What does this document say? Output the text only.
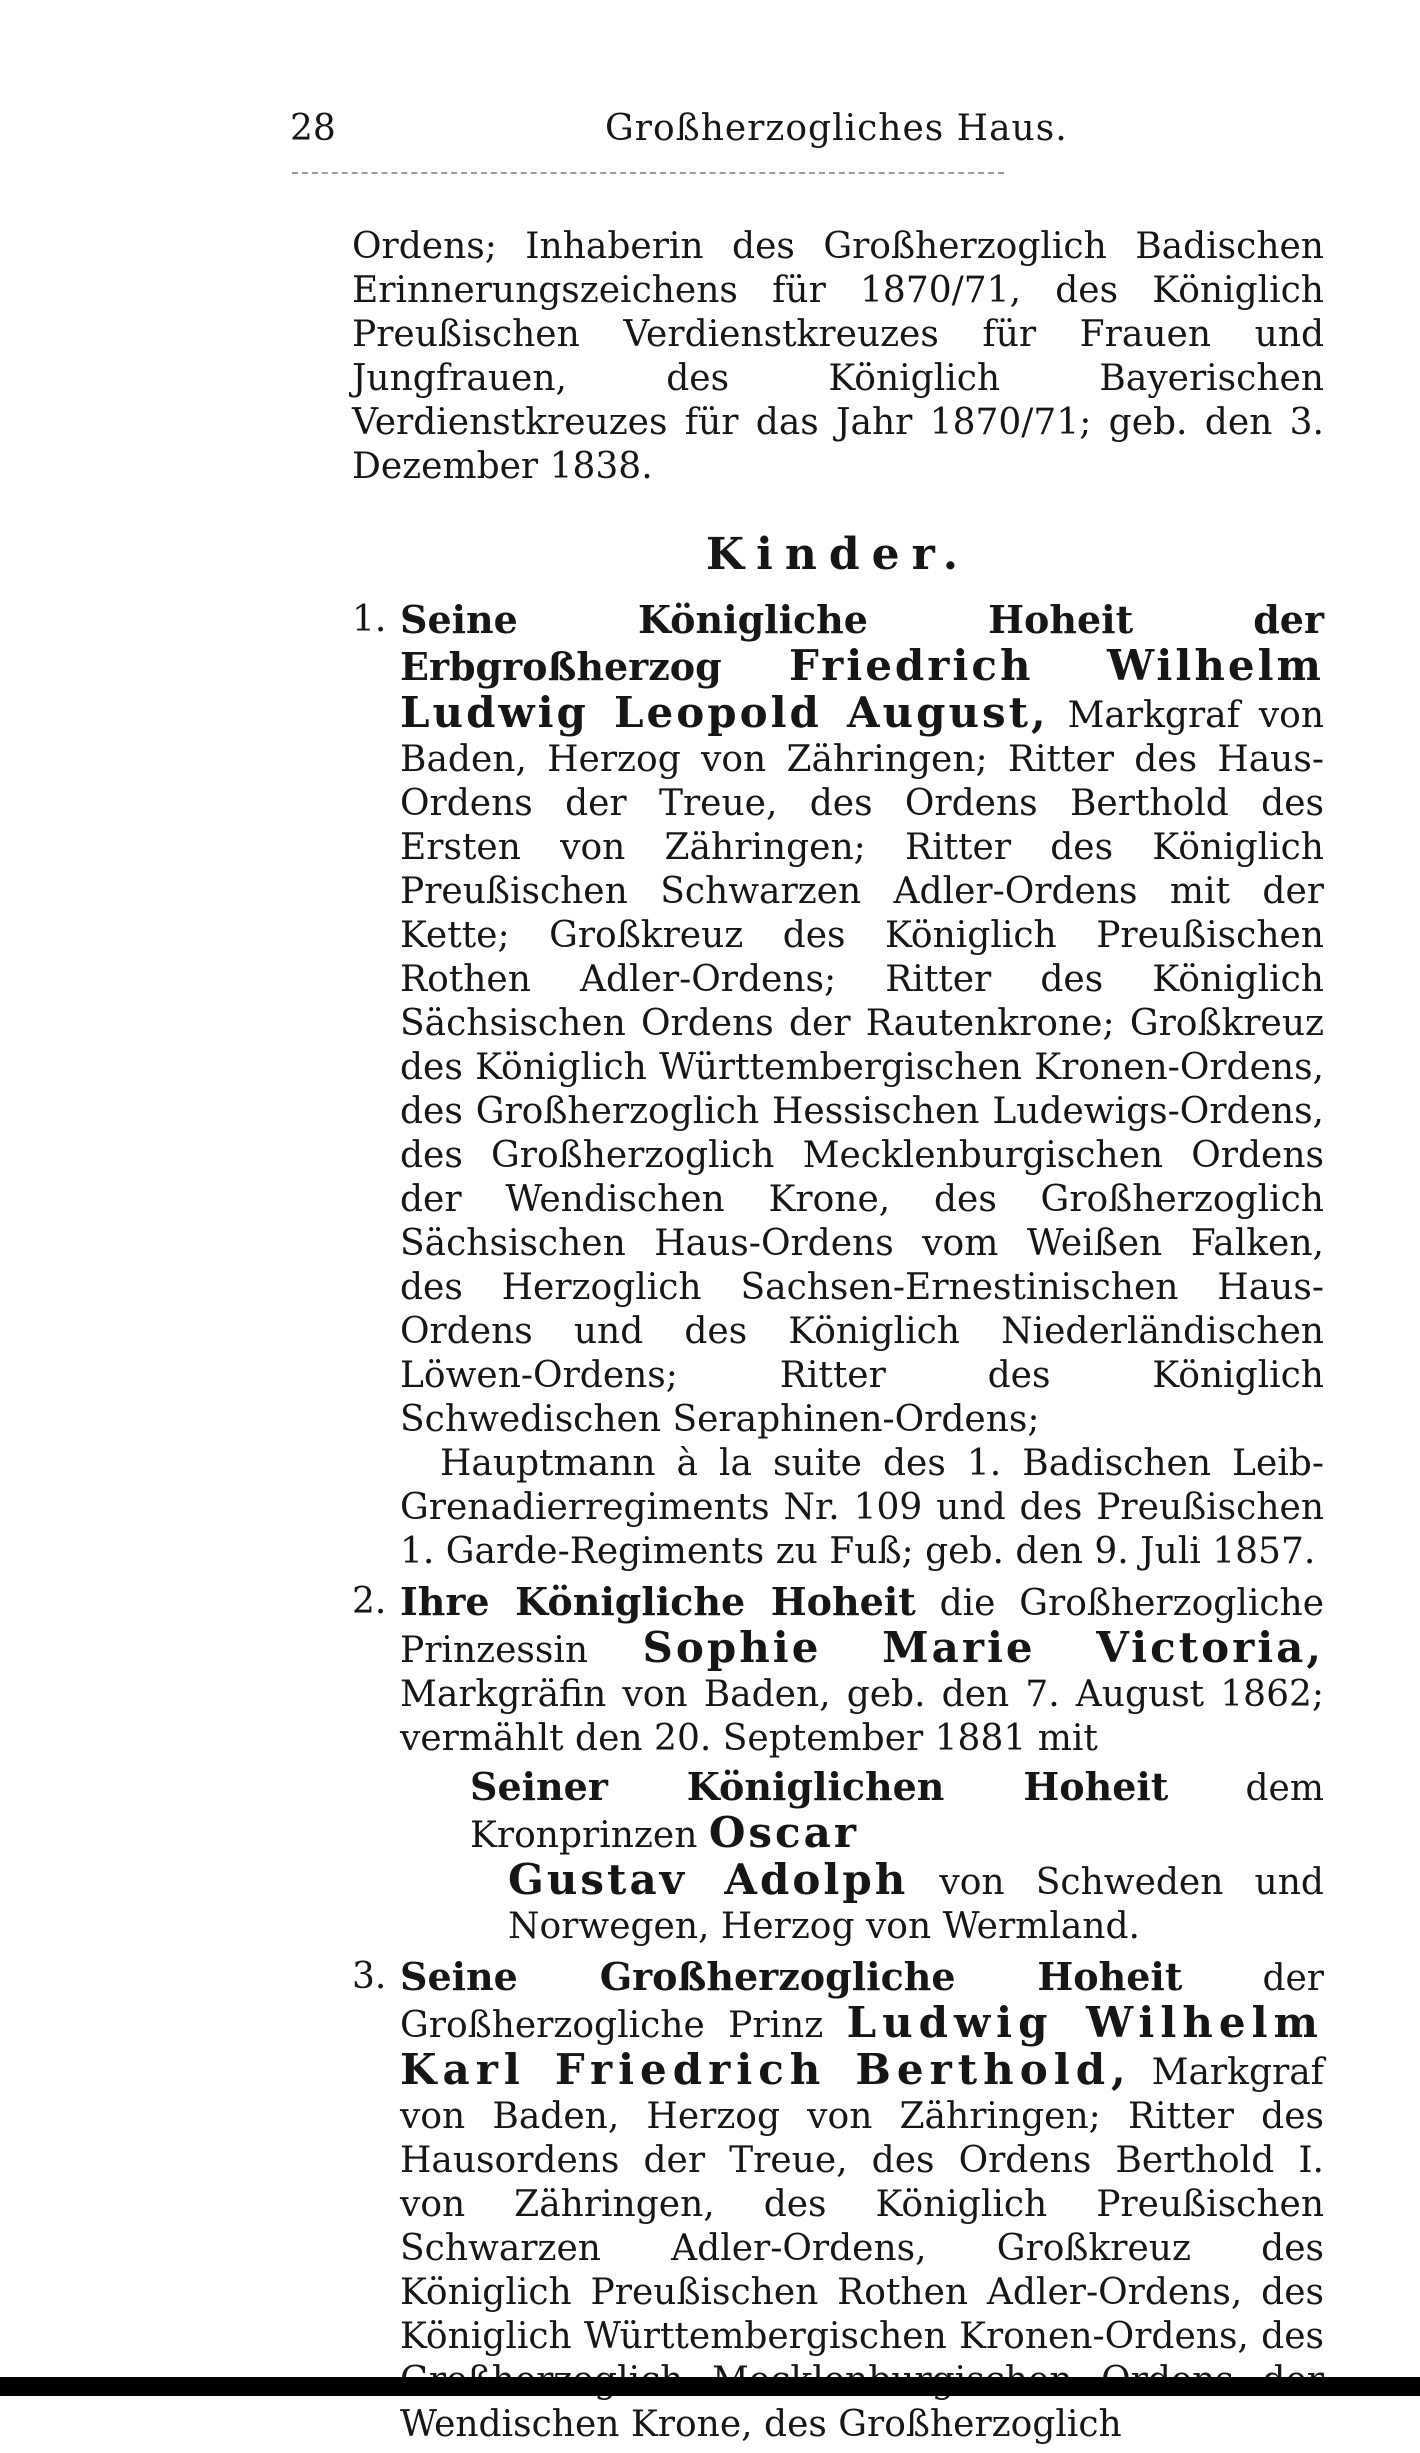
28	Großherzogliches Haus.

Ordens; Inhaberin des Großherzoglich Badischen Erinnerungszeichens für 1870/71, des Königlich Preußischen Verdienstkreuzes für Frauen und Jungfrauen, des Königlich Bayerischen Verdienstkreuzes für das Jahr 1870/71; geb. den 3. Dezember 1838.

Kinder.
1. Seine Königliche Hoheit der Erbgroßherzog Friedrich Wilhelm Ludwig Leopold August, Markgraf von Baden, Herzog von Zähringen; Ritter des Haus-Ordens der Treue, des Ordens Berthold des Ersten von Zähringen; Ritter des Königlich Preußischen Schwarzen Adler-Ordens mit der Kette; Großkreuz des Königlich Preußischen Rothen Adler-Ordens; Ritter des Königlich Sächsischen Ordens der Rautenkrone; Großkreuz des Königlich Württembergischen Kronen-Ordens, des Großherzoglich Hessischen Ludewigs-Ordens, des Großherzoglich Mecklenburgischen Ordens der Wendischen Krone, des Großherzoglich Sächsischen Haus-Ordens vom Weißen Falken, des Herzoglich Sachsen-Ernestinischen Haus-Ordens und des Königlich Niederländischen Löwen-Ordens; Ritter des Königlich Schwedischen Seraphinen-Ordens;

Hauptmann à la suite des 1. Badischen Leib-Grenadierregiments Nr. 109 und des Preußischen 1. Garde-Regiments zu Fuß; geb. den 9. Juli 1857.

2. Ihre Königliche Hoheit die Großherzogliche Prinzessin Sophie Marie Victoria, Markgräfin von Baden, geb. den 7. August 1862; vermählt den 20. September 1881 mit

Seiner Königlichen Hoheit dem Kronprinzen Oscar

Gustav Adolph von Schweden und Norwegen, Herzog von Wermland.

3. Seine Großherzogliche Hoheit der Großherzogliche Prinz Ludwig Wilhelm Karl Friedrich Berthold, Markgraf von Baden, Herzog von Zähringen; Ritter des Hausordens der Treue, des Ordens Berthold I. von Zähringen, des Königlich Preußischen Schwarzen Adler-Ordens, Großkreuz des Königlich Preußischen Rothen Adler-Ordens, des Königlich Württembergischen Kronen-Ordens, des Wendischen Krone, des Großherzoglich
